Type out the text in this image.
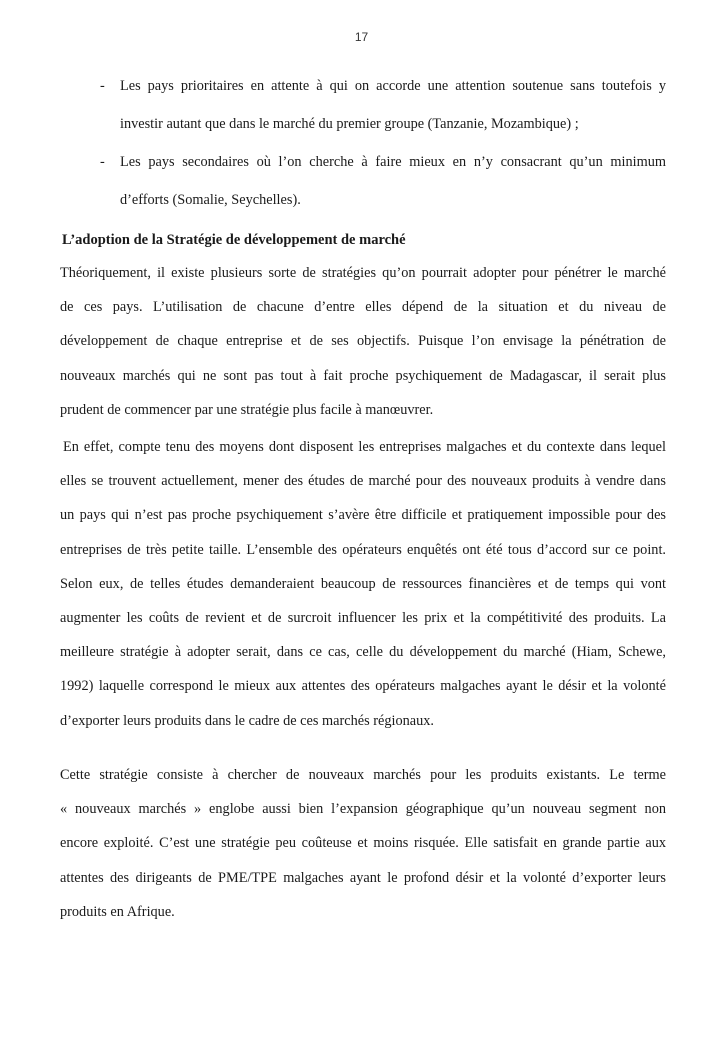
17
- Les pays prioritaires en attente à qui on accorde une attention soutenue sans toutefois y
investir autant que dans le marché du premier groupe (Tanzanie, Mozambique) ;
- Les pays secondaires où l’on cherche à faire mieux en n’y consacrant qu’un minimum
d’efforts (Somalie, Seychelles).
L’adoption de la Stratégie de développement de marché
Théoriquement, il existe plusieurs sorte de stratégies qu’on pourrait adopter pour pénétrer le marché
de ces pays. L’utilisation de chacune d’entre elles dépend de la situation et du niveau de
développement de chaque entreprise et de ses objectifs. Puisque l’on envisage la pénétration de
nouveaux marchés qui ne sont pas tout à fait proche psychiquement de Madagascar, il serait plus
prudent de commencer par une stratégie plus facile à manœuvrer.
En effet, compte tenu des moyens dont disposent les entreprises malgaches et du contexte dans lequel
elles se trouvent actuellement, mener des études de marché pour des nouveaux produits à vendre dans
un pays qui n’est pas proche psychiquement s’avère être difficile et pratiquement impossible pour des
entreprises de très petite taille. L’ensemble des opérateurs enquêtés ont été tous d’accord sur ce point.
Selon eux, de telles études demanderaient beaucoup de ressources financières et de temps qui vont
augmenter les coûts de revient et de surcroit influencer les prix et la compétitivité des produits. La
meilleure stratégie à adopter serait, dans ce cas, celle du développement du marché (Hiam, Schewe,
1992) laquelle correspond le mieux aux attentes des opérateurs malgaches ayant le désir et la volonté
d’exporter leurs produits dans le cadre de ces marchés régionaux.
Cette stratégie consiste à chercher de nouveaux marchés pour les produits existants. Le terme
« nouveaux marchés » englobe aussi bien l’expansion géographique qu’un nouveau segment non
encore exploité. C’est une stratégie peu coûteuse et moins risquée. Elle satisfait en grande partie aux
attentes des dirigeants de PME/TPE malgaches ayant le profond désir et la volonté d’exporter leurs
produits en Afrique.
